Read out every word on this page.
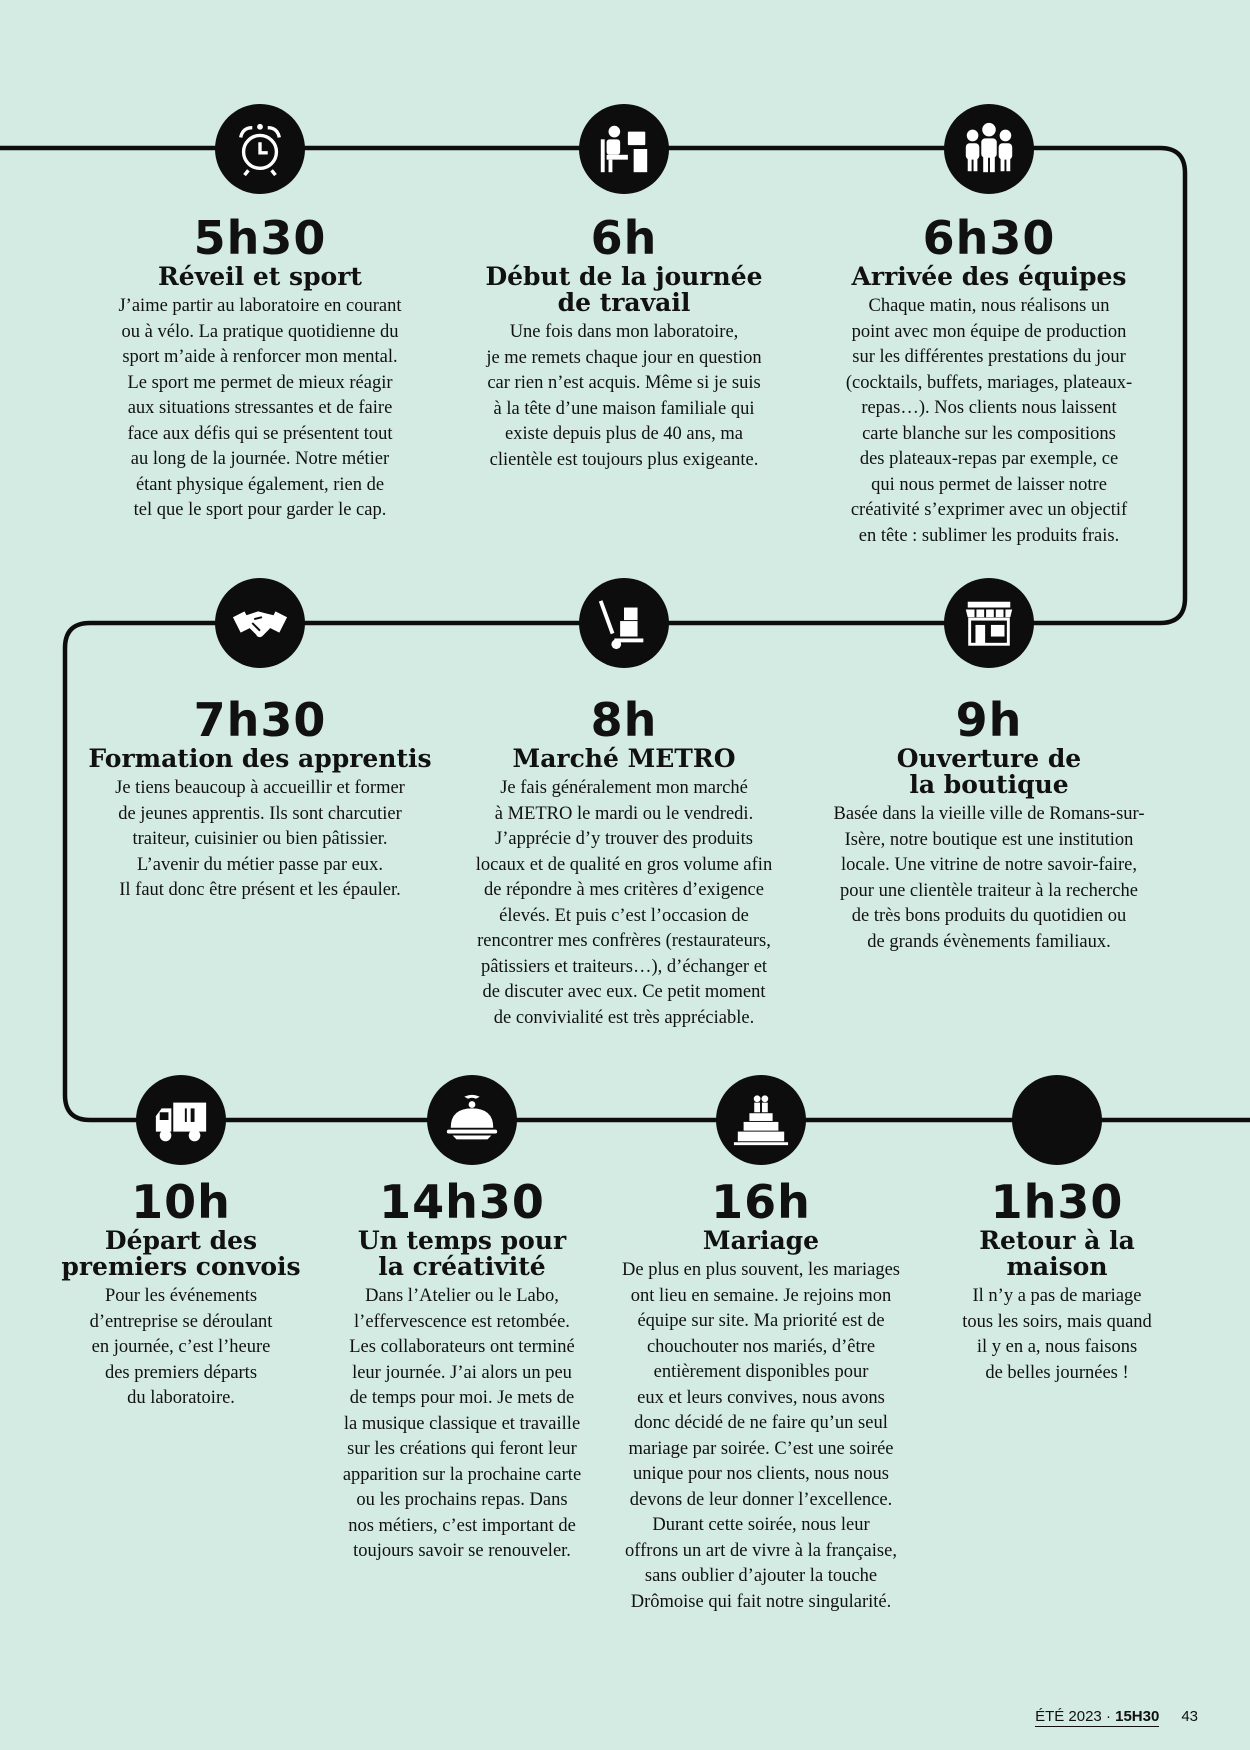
5h30
Réveil et sport
J’aime partir au laboratoire en courant
ou à vélo. La pratique quotidienne du
sport m’aide à renforcer mon mental.
Le sport me permet de mieux réagir
aux situations stressantes et de faire
face aux défis qui se présentent tout
au long de la journée. Notre métier
étant physique également, rien de
tel que le sport pour garder le cap.
6h
Début de la journée
de travail
Une fois dans mon laboratoire,
je me remets chaque jour en question
car rien n’est acquis. Même si je suis
à la tête d’une maison familiale qui
existe depuis plus de 40 ans, ma
clientèle est toujours plus exigeante.
6h30
Arrivée des équipes
Chaque matin, nous réalisons un
point avec mon équipe de production
sur les différentes prestations du jour
(cocktails, buffets, mariages, plateaux-
repas…). Nos clients nous laissent
carte blanche sur les compositions
des plateaux-repas par exemple, ce
qui nous permet de laisser notre
créativité s’exprimer avec un objectif
en tête : sublimer les produits frais.
7h30
Formation des apprentis
Je tiens beaucoup à accueillir et former
de jeunes apprentis. Ils sont charcutier
traiteur, cuisinier ou bien pâtissier.
L’avenir du métier passe par eux.
Il faut donc être présent et les épauler.
8h
Marché METRO
Je fais généralement mon marché
à METRO le mardi ou le vendredi.
J’apprécie d’y trouver des produits
locaux et de qualité en gros volume afin
de répondre à mes critères d’exigence
élevés. Et puis c’est l’occasion de
rencontrer mes confrères (restaurateurs,
pâtissiers et traiteurs…), d’échanger et
de discuter avec eux. Ce petit moment
de convivialité est très appréciable.
9h
Ouverture de
la boutique
Basée dans la vieille ville de Romans-sur-
Isère, notre boutique est une institution
locale. Une vitrine de notre savoir-faire,
pour une clientèle traiteur à la recherche
de très bons produits du quotidien ou
de grands évènements familiaux.
10h
Départ des
premiers convois
Pour les événements
d’entreprise se déroulant
en journée, c’est l’heure
des premiers départs
du laboratoire.
14h30
Un temps pour
la créativité
Dans l’Atelier ou le Labo,
l’effervescence est retombée.
Les collaborateurs ont terminé
leur journée. J’ai alors un peu
de temps pour moi. Je mets de
la musique classique et travaille
sur les créations qui feront leur
apparition sur la prochaine carte
ou les prochains repas. Dans
nos métiers, c’est important de
toujours savoir se renouveler.
16h
Mariage
De plus en plus souvent, les mariages
ont lieu en semaine. Je rejoins mon
équipe sur site. Ma priorité est de
chouchouter nos mariés, d’être
entièrement disponibles pour
eux et leurs convives, nous avons
donc décidé de ne faire qu’un seul
mariage par soirée. C’est une soirée
unique pour nos clients, nous nous
devons de leur donner l’excellence.
Durant cette soirée, nous leur
offrons un art de vivre à la française,
sans oublier d’ajouter la touche
Drômoise qui fait notre singularité.
1h30
Retour à la
maison
Il n’y a pas de mariage
tous les soirs, mais quand
il y en a, nous faisons
de belles journées !
ÉTÉ 2023 · 15H30 43
